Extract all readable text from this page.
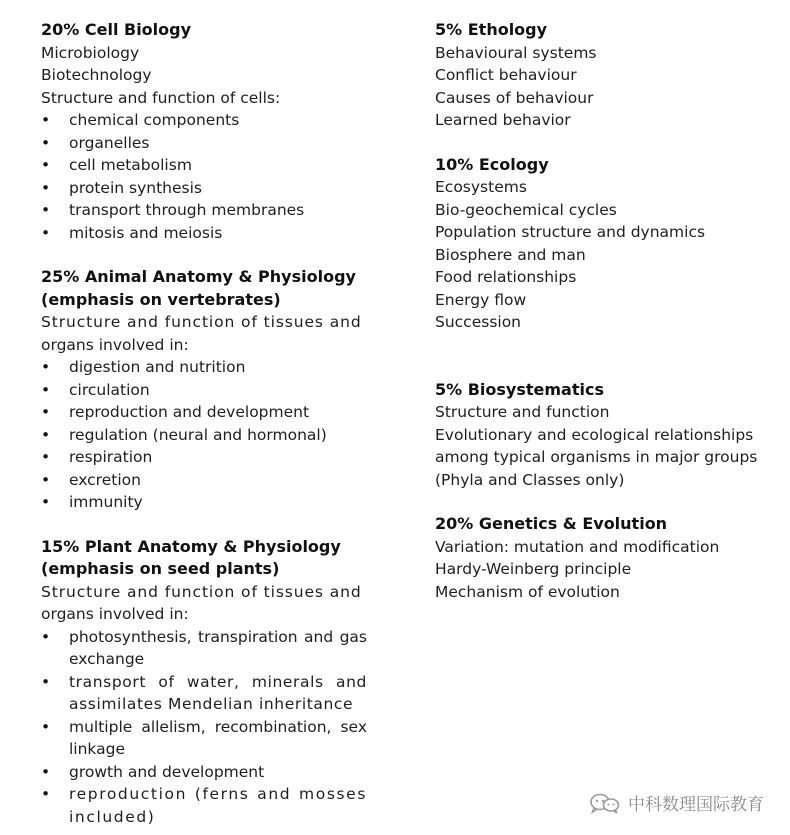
20% Cell Biology
Microbiology
Biotechnology
Structure and function of cells:
• chemical components
• organelles
• cell metabolism
• protein synthesis
• transport through membranes
• mitosis and meiosis
25% Animal Anatomy & Physiology
(emphasis on vertebrates)
Structure and function of tissues and
organs involved in:
• digestion and nutrition
• circulation
• reproduction and development
• regulation (neural and hormonal)
• respiration
• excretion
• immunity
15% Plant Anatomy & Physiology
(emphasis on seed plants)
Structure and function of tissues and
organs involved in:
• photosynthesis, transpiration and gas exchange
• transport of water, minerals and assimilates Mendelian inheritance
• multiple allelism, recombination, sex linkage
• growth and development
• reproduction (ferns and mosses included)
5% Ethology
Behavioural systems
Conflict behaviour
Causes of behaviour
Learned behavior
10% Ecology
Ecosystems
Bio-geochemical cycles
Population structure and dynamics
Biosphere and man
Food relationships
Energy flow
Succession
5% Biosystematics
Structure and function
Evolutionary and ecological relationships
among typical organisms in major groups
(Phyla and Classes only)
20% Genetics & Evolution
Variation: mutation and modification
Hardy-Weinberg principle
Mechanism of evolution
中科数理国际教育
